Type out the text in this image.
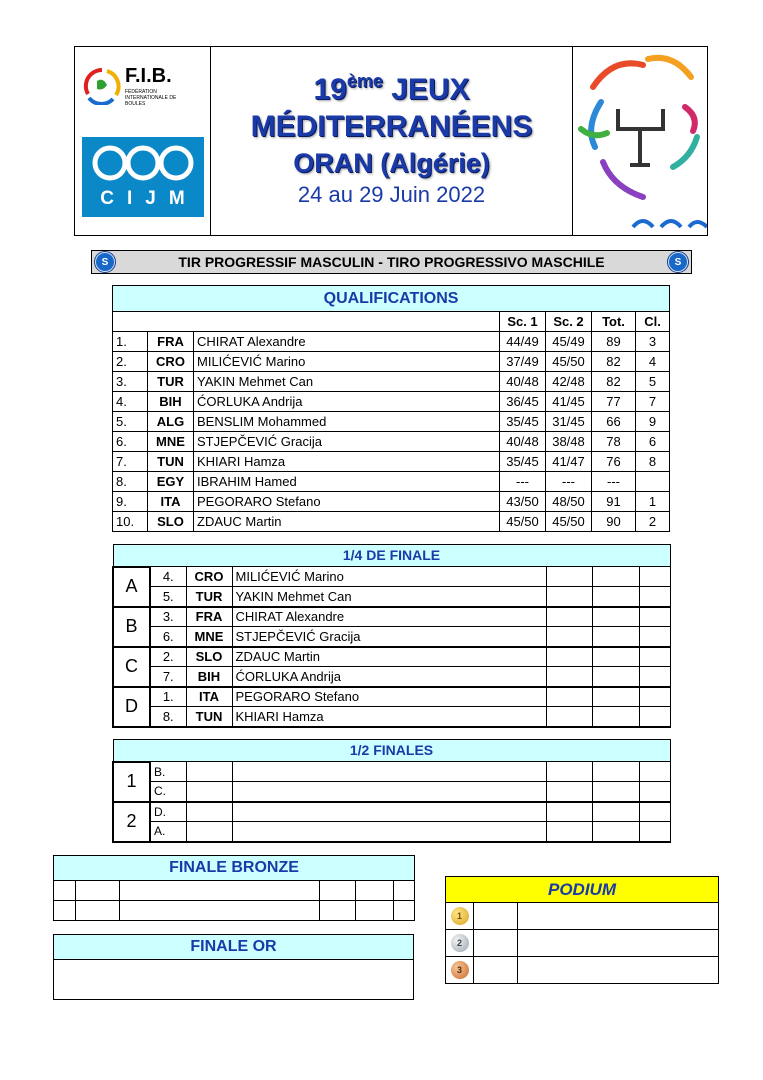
F.I.B.
FÉDÉRATION INTERNATIONALE DE BOULES
CIJM
19ème JEUX
MÉDITERRANÉENS
ORAN (Algérie)
24 au 29 Juin 2022
S	TIR PROGRESSIF MASCULIN - TIRO PROGRESSIVO MASCHILE	S
QUALIFICATIONS						
			Sc. 1	Sc. 2	Tot.	Cl.
1.	FRA	CHIRAT Alexandre	44/49	45/49	89	3
2.	CRO	MILIĆEVIĆ Marino	37/49	45/50	82	4
3.	TUR	YAKIN Mehmet Can	40/48	42/48	82	5
4.	BIH	ĆORLUKA Andrija	36/45	41/45	77	7
5.	ALG	BENSLIM Mohammed	35/45	31/45	66	9
6.	MNE	STJEPČEVIĆ Gracija	40/48	38/48	78	6
7.	TUN	KHIARI Hamza	35/45	41/47	76	8
8.	EGY	IBRAHIM Hamed	---	---	---	
9.	ITA	PEGORARO Stefano	43/50	48/50	91	1
10.	SLO	ZDAUC Martin	45/50	45/50	90	2
1/4 DE FINALE						
A	4.	CRO	MILIĆEVIĆ Marino			
	5.	TUR	YAKIN Mehmet Can			
B	3.	FRA	CHIRAT Alexandre			
	6.	MNE	STJEPČEVIĆ Gracija			
C	2.	SLO	ZDAUC Martin			
	7.	BIH	ĆORLUKA Andrija			
D	1.	ITA	PEGORARO Stefano			
	8.	TUN	KHIARI Hamza			
1/2 FINALES						
1	B.					
	C.					
2	D.					
	A.					
FINALE BRONZE					

FINALE OR

PODIUM		
1		
2		
3		
